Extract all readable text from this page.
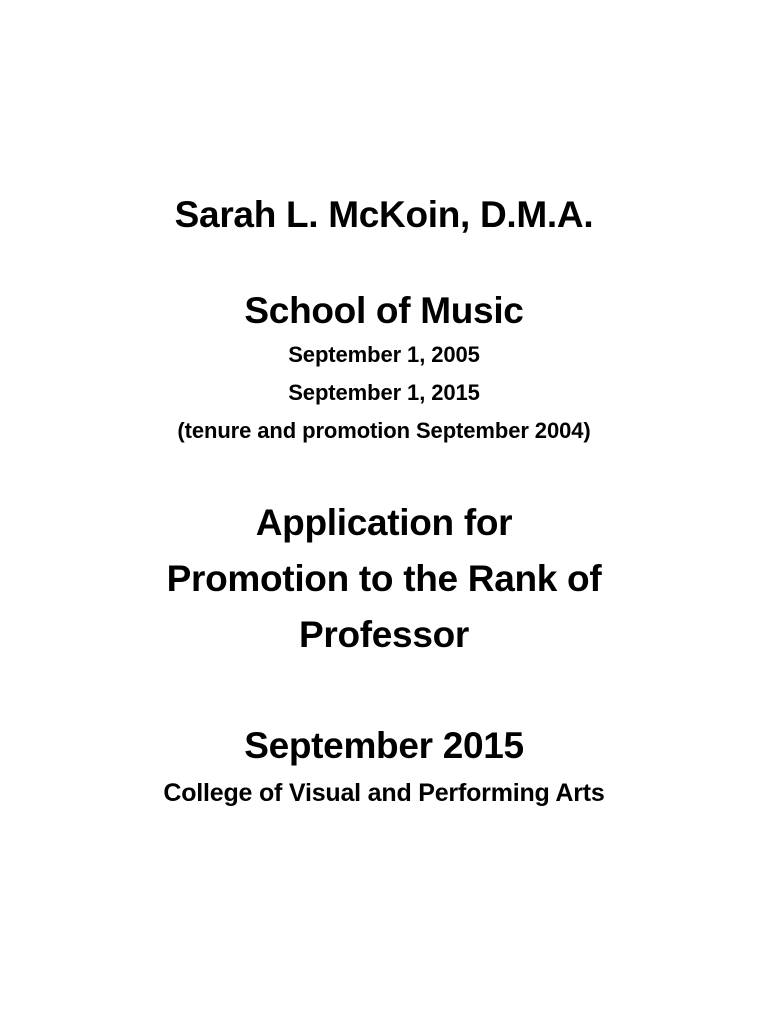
Sarah L. McKoin, D.M.A.
School of Music
September 1, 2005
September 1, 2015
(tenure and promotion September 2004)
Application for
Promotion to the Rank of
Professor
September 2015
College of Visual and Performing Arts
